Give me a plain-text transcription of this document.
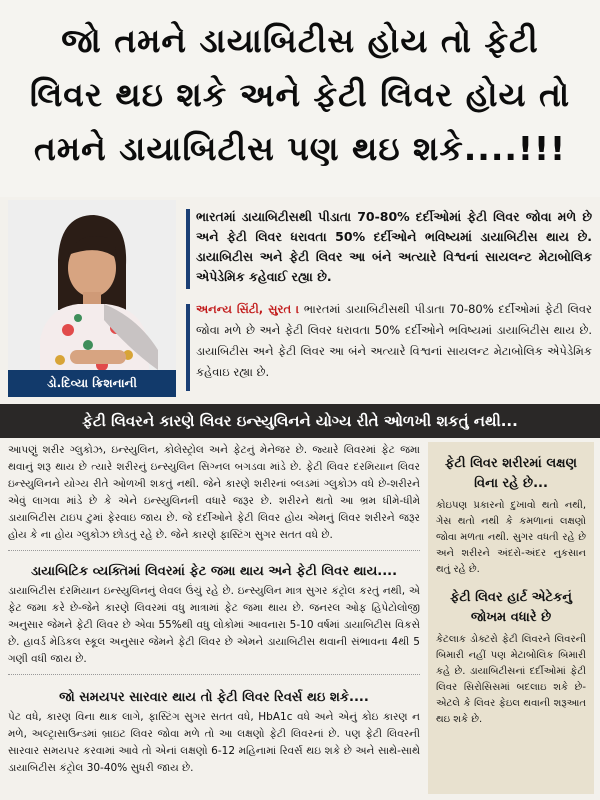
જો તમને ડાયાબિટીસ હોય તો ફેટી
લિવર થઇ શકે અને ફેટી લિવર હોય તો
તમને ડાયાબિટીસ પણ થઇ શકે....!!!
ડો.દિવ્યા ક્રિશનાની
ભારતમાં ડાયાબિટીસથી પીડાતા 70-80% દર્દીઓમાં ફેટી લિવર જોવા મળે છે અને ફેટી લિવર ધરાવતા 50% દર્દીઓને ભવિષ્યમાં ડાયાબિટીસ થાય છે. ડાયાબિટીસ અને ફેટી લિવર આ બંને અત્યારે વિશ્વનાં સાયલન્ટ મેટાબોલિક એપેડેમિક કહેવાઈ રહ્યા છે.
અનન્ય સિંટી, સુરત । ભારતમાં ડાયાબિટીસથી પીડાતા 70-80% દર્દીઓમાં ફેટી લિવર જોવા મળે છે અને ફેટી લિવર ધરાવતા 50% દર્દીઓને ભવિષ્યમાં ડાયાબિટીસ થાય છે. ડાયાબિટીસ અને ફેટી લિવર આ બંને અત્યારે વિશ્વનાં સાયલન્ટ મેટાબોલિક એપેડેમિક કહેવાઇ રહ્યા છે.
ફેટી લિવરને કારણે લિવર ઇન્સ્યુલિનને યોગ્ય રીતે ઓળખી શકતું નથી...

આપણું શરીર ગ્લુકોઝ, ઇન્સ્યુલિન, કોલેસ્ટ્રોલ અને ફેટનું મેનેજર છે. જ્યારે લિવરમાં ફેટ જમા થવાનું શરૂ થાય છે ત્યારે શરીરનું ઇન્સ્યુલિન સિગ્નલ બગડવા માંડે છે. ફેટી લિવર દરમિયાન લિવર ઇન્સ્યુલિનને યોગ્ય રીતે ઓળખી શકતું નથી. જેને કારણે શરીરનાં બ્લડમાં ગ્લુકોઝ વધે છે-શરીરને એવું લાગવા માંડે છે કે એને ઇન્સ્યુલિનની વધારે જરૂર છે. શરીરને થતો આ ભ્રમ ધીમે-ધીમે ડાયાબિટીસ ટાઇપ ટુમાં ફેરવાઇ જાય છે. જે દર્દીઓને ફેટી લિવર હોય એમનું લિવર શરીરને જરૂર હોય કે ના હોય ગ્લુકોઝ છોડતું રહે છે. જેને કારણે ફાસ્ટિંગ સુગર સતત વધે છે.

ડાયાબિટિક વ્યક્તિમાં લિવરમાં ફેટ જમા થાય અને ફેટી લિવર થાય....

ડાયાબિટીસ દરમિયાન ઇન્સ્યુલિનનું લેવલ ઉંચું રહે છે. ઇન્સ્યુલિન માત્ર સુગર કંટ્રોલ કરતું નથી, એ ફેટ જમા કરે છે-જેને કારણે લિવરમાં વધુ માત્રામાં ફેટ જમા થાય છે. જનરલ ઓફ હિપેટોલોજી અનુસાર જેમને ફેટી લિવર છે એવા 55%થી વધુ લોકોમાં આવનારા 5-10 વર્ષમાં ડાયાબિટીસ વિકસે છે. હાવર્ડ મેડિકલ સ્કૂલ અનુસાર જેમને ફેટી લિવર છે એમને ડાયાબિટીસ થવાની સંભાવના 4થી 5 ગણી વધી જાય છે.

જો સમયપર સારવાર થાય તો ફેટી લિવર રિવર્સ થઇ શકે....

પેટ વધે, કારણ વિના થાક લાગે, ફાસ્ટિંગ સુગર સતત વધે, HbA1c વધે અને એનું કોઇ કારણ ન મળે, અલ્ટ્રાસાઉન્ડમાં બ્રાઇટ લિવર જોવા મળે તો આ લક્ષણો ફેટી લિવરનાં છે. પણ ફેટી લિવરની સારવાર સમયપર કરવામાં આવે તો એનાં લક્ષણો 6-12 મહિનામાં રિવર્સ થઇ શકે છે અને સાથે-સાથે ડાયાબિટીસ કંટ્રોલ 30-40% સુધરી જાય છે.

ફેટી લિવર શરીરમાં લક્ષણ વિના રહે છે...

કોઇપણ પ્રકારનો દુખાવો થતો નથી, ગેસ થતો નથી કે કમળાનાં લક્ષણો જોવા મળતા નથી. સુગર વધતી રહે છે અને શરીરને અંદરો-અંદર નુકસાન થતું રહે છે.

ફેટી લિવર હાર્ટ એટેકનું જોખમ વધારે છે

કેટલાક ડોક્ટરો ફેટી લિવરને લિવરની બિમારી નહીં પણ મેટાબોલિક બિમારી કહે છે. ડાયાબિટીસનાં દર્દીઓમાં ફેટી લિવર સિરોસિસમાં બદલાઇ શકે છે-એટલે કે લિવર ફેઇલ થવાની શરૂઆત થઇ શકે છે.
